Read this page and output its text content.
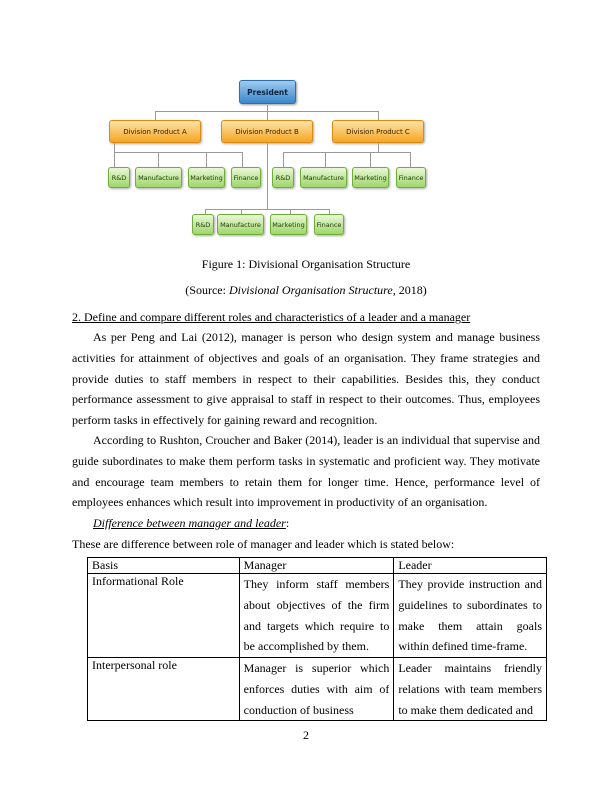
President
Division Product A	Division Product B	Division Product C
R&D	Manufacture	Marketing	Finance	R&D	Manufacture	Marketing	Finance
R&D	Manufacture	Marketing	Finance
Figure 1: Divisional Organisation Structure
(Source: Divisional Organisation Structure, 2018)
2. Define and compare different roles and characteristics of a leader and a manager
As per Peng and Lai (2012), manager is person who design system and manage business activities for attainment of objectives and goals of an organisation. They frame strategies and provide duties to staff members in respect to their capabilities. Besides this, they conduct performance assessment to give appraisal to staff in respect to their outcomes. Thus, employees perform tasks in effectively for gaining reward and recognition.
According to Rushton, Croucher and Baker (2014), leader is an individual that supervise and guide subordinates to make them perform tasks in systematic and proficient way. They motivate and encourage team members to retain them for longer time. Hence, performance level of employees enhances which result into improvement in productivity of an organisation.
Difference between manager and leader:
These are difference between role of manager and leader which is stated below:
Basis	Manager	Leader
Informational Role	They inform staff members about objectives of the firm and targets which require to be accomplished by them.	They provide instruction and guidelines to subordinates to make them attain goals within defined time-frame.
Interpersonal role	Manager is superior which enforces duties with aim of conduction of business	Leader maintains friendly relations with team members to make them dedicated and
2
